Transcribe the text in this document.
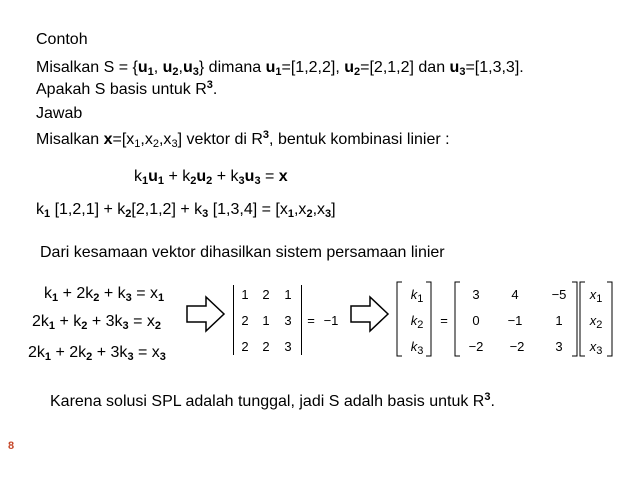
Contoh
Misalkan $S = \{u_1$, $u_2,u_3$} dimana $u_1=[1,2,2]$, $u_2=[2,1,2]$ dan $u_3=[1,3,3]$.
Apakah S basis untuk $R^3$.
Jawab
Misalkan $x=[x_1,x_2,x_3]$ vektor di $R^3$, bentuk kombinasi linier :
$k_1u_1 + k_2u_2 + k_3u_3 = x$
$k_1$ $[1,2,1] + k_2[2,1,2] + k_3$ $[1,3,4] = [x_1,x_2,x_3]$
Dari kesamaan vektor dihasilkan sistem persamaan linier
$k_1 + 2k_2 + k_3 = x_1$
$2k_1 + k_2 + 3k_3 = x_2$
$2k_1 + 2k_2 + 3k_3 = x_3$
1 2 1
2 1 3
2 2 3
= −1
$k_1$
$k_2$
$k_3$
=
3	4	−5
0	−1	1
−2	−2	3
$x_1$
$x_2$
$x_3$
Karena solusi SPL adalah tunggal, jadi S adalh basis untuk $R^3$.
8
